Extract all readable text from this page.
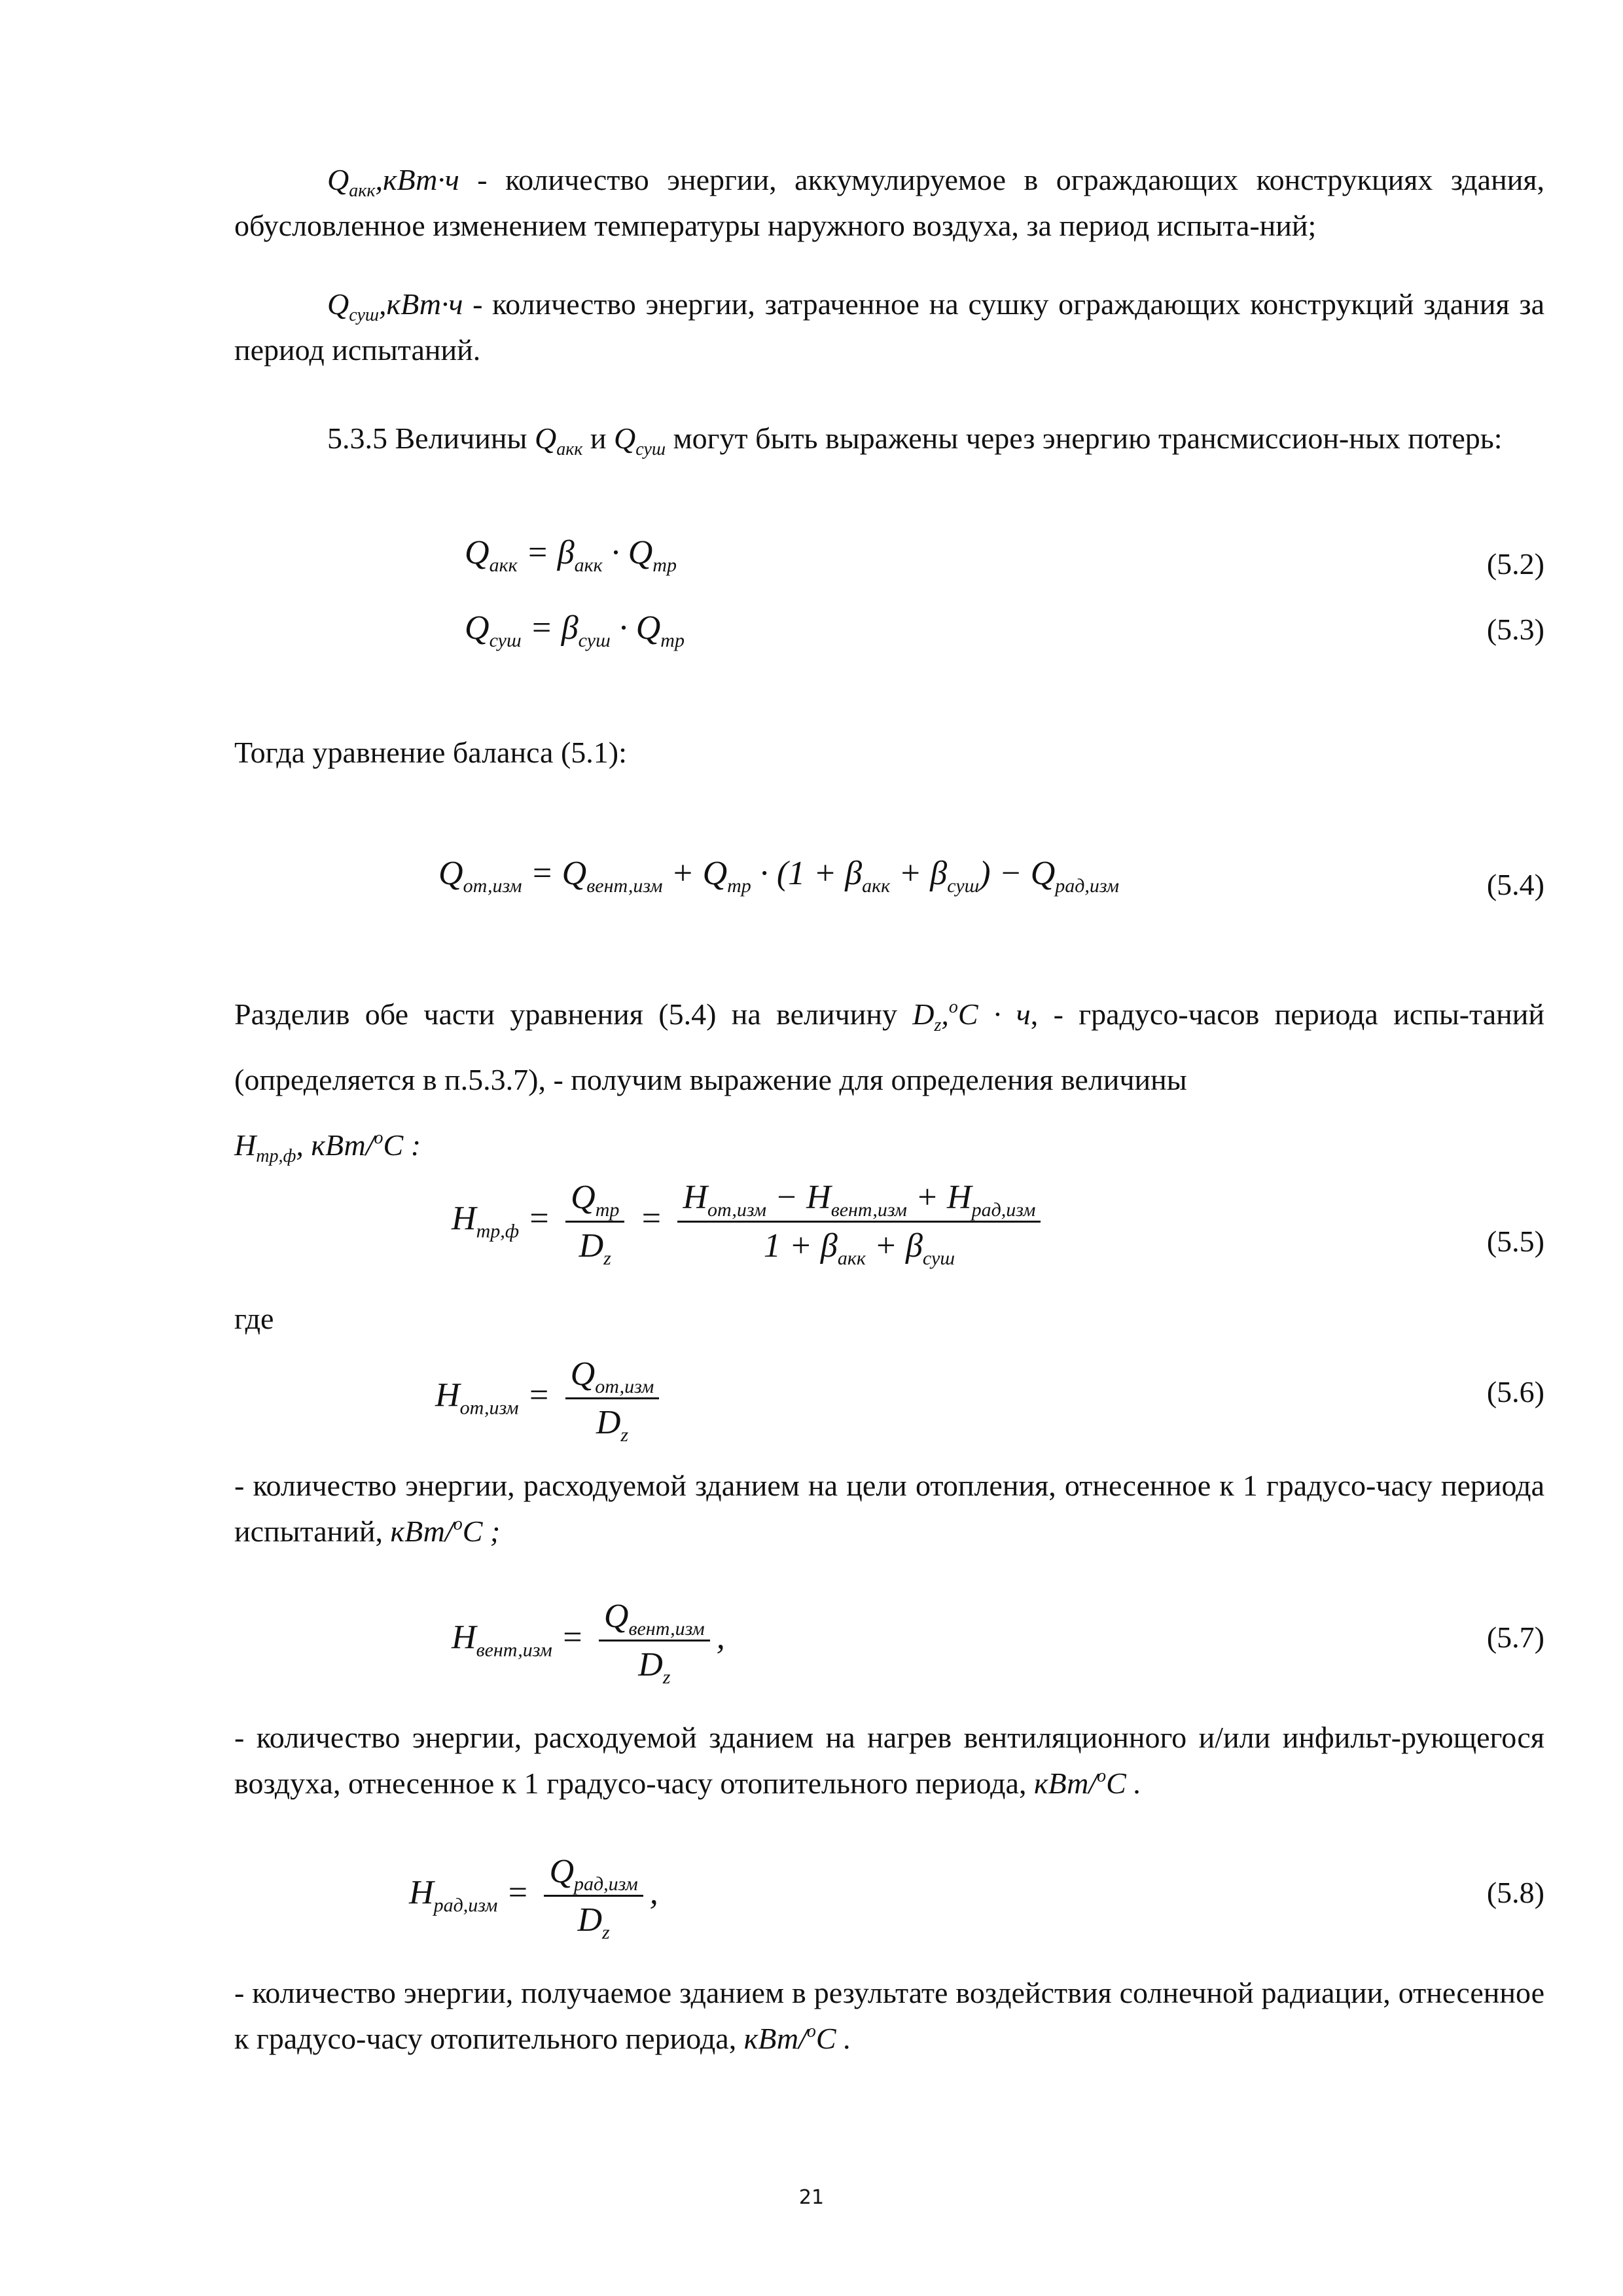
$Q_{акк},кВт\cdot ч$ - количество энергии, аккумулируемое в ограждающих конструкциях здания, обусловленное изменением температуры наружного воздуха, за период испыта-ний;
$Q_{суш},кВт\cdot ч$ - количество энергии, затраченное на сушку ограждающих конструкций здания за период испытаний.
5.3.5 Величины $Q_{акк}$ и $Q_{суш}$ могут быть выражены через энергию трансмиссион-ных потерь:
$Q_{акк} = \beta_{акк} \cdot Q_{тр}$	(5.2)
$Q_{суш} = \beta_{суш} \cdot Q_{тр}$	(5.3)
Тогда уравнение баланса (5.1):
$Q_{от,изм} = Q_{вент,изм} + Q_{тр} \cdot (1 + \beta_{акк} + \beta_{суш}) - Q_{рад,изм}$	(5.4)
Разделив обе части уравнения (5.4) на величину $D_z,^oC \cdot ч$, - градусо-часов периода испы-таний (определяется в п.5.3.7), - получим выражение для определения величины
$H_{тр,ф}$, кВт/$^o$C :
$H_{тр,ф} = \frac{Q_{тр}}{D_z} = \frac{H_{от,изм} - H_{вент,изм} + H_{рад,изм}}{1 + \beta_{акк} + \beta_{суш}}$	(5.5)
где
$H_{от,изм} = \frac{Q_{от,изм}}{D_z}$	(5.6)
- количество энергии, расходуемой зданием на цели отопления, отнесенное к 1 градусо-часу периода испытаний, кВт/$^o$C ;
$H_{вент,изм} = \frac{Q_{вент,изм}}{D_z}$ ,	(5.7)
- количество энергии, расходуемой зданием на нагрев вентиляционного и/или инфильт-рующегося воздуха, отнесенное к 1 градусо-часу отопительного периода, кВт/$^o$C .
$H_{рад,изм} = \frac{Q_{рад,изм}}{D_z}$ ,	(5.8)
- количество энергии, получаемое зданием в результате воздействия солнечной радиации, отнесенное к градусо-часу отопительного периода, кВт/$^o$C .
21
